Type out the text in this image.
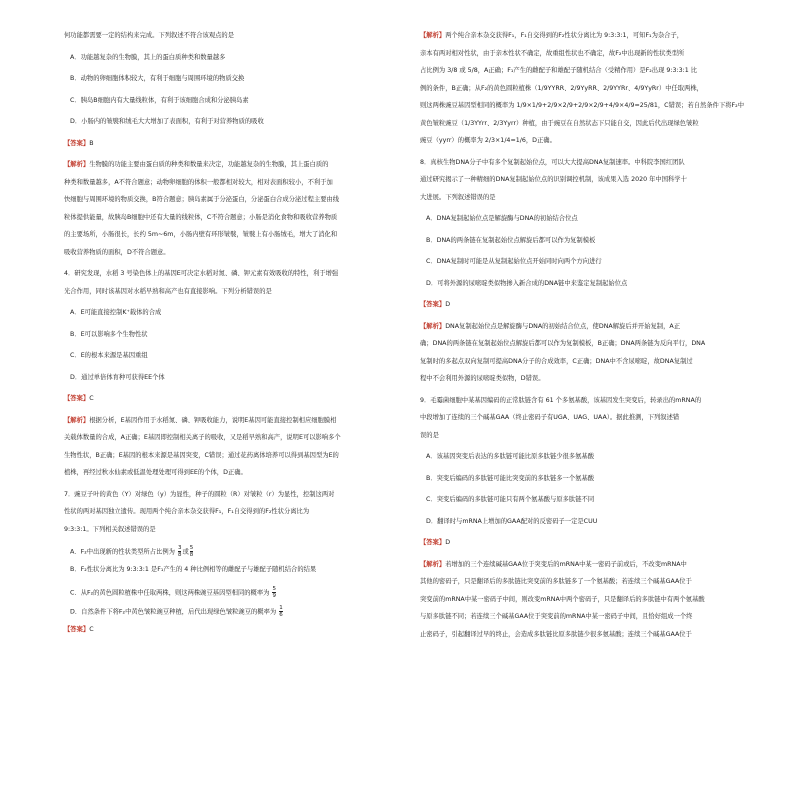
何功能都需要一定的结构来完成。下列叙述不符合该观点的是
A．功能越复杂的生物膜，其上的蛋白质种类和数量越多
B．动物的卵细胞体积较大，有利于细胞与周围环境的物质交换
C．胰岛B细胞内有大量线粒体，有利于该细胞合成和分泌胰岛素
D．小肠内的皱襞和绒毛大大增加了表面积，有利于对营养物质的吸收
【答案】B
【解析】生物膜的功能主要由蛋白质的种类和数量来决定，功能越复杂的生物膜，其上蛋白质的
种类和数量越多，A不符合题意；动物卵细胞的体积一般都相对较大，相对表面积较小，不利于加
快细胞与周围环境的物质交换，B符合题意；胰岛素属于分泌蛋白，分泌蛋白合成分泌过程主要由线
粒体提供能量，故胰岛B细胞中还有大量的线粒体，C不符合题意；小肠是消化食物和吸收营养物质
的主要场所，小肠很长，长约 5m~6m，小肠内壁有环形皱襞，皱襞上有小肠绒毛，增大了消化和
吸收营养物质的面积，D不符合题意。
4．研究发现，水稻 3 号染色体上的基因E可决定水稻对氮、磷、钾元素有效吸收的特性，利于增强
光合作用，同时该基因对水稻早熟和高产也有直接影响。下列分析错误的是
A．E可能直接控制K⁺载体的合成
B．E可以影响多个生物性状
C．E的根本来源是基因重组
D．通过单倍体育种可获得EE个体
【答案】C
【解析】根据分析，E基因作用于水稻氮、磷、钾吸收能力，说明E基因可能直接控制相应细胞膜相
关载体数量的合成，A正确；E基因即控制相关离子的吸收，又是稻早熟和高产，说明E可以影响多个
生物性状，B正确；E基因的根本来源是基因突变，C错误；通过花药离体培养可以得到基因型为E的
植株，再经过秋水仙素或低温处理处理可得到EE的个体，D正确。
7．豌豆子叶的黄色（Y）对绿色（y）为显性，种子的圆粒（R）对皱粒（r）为显性，控制这两对
性状的两对基因独立遗传。现用两个纯合亲本杂交获得F₁，F₁自交得到的F₂性状分离比为
9:3:3:1。下列相关叙述错误的是
A．F₂中出现新的性状类型所占比例为 $\frac{3}{8}$ 或 $\frac{5}{8}$
B．F₂性状分离比为 9:3:3:1 是F₁产生的 4 种比例相等的雌配子与雄配子随机结合的结果
C．从F₂的黄色圆粒植株中任取两株，则这两株豌豆基因型相同的概率为 $\frac{5}{9}$
D．自然条件下将F₂中黄色皱粒豌豆种植，后代出现绿色皱粒豌豆的概率为 $\frac{1}{6}$
【答案】C
【解析】两个纯合亲本杂交获得F₁，F₁自交得到的F₂性状分离比为 9:3:3:1，可知F₁为杂合子，
亲本有两对相对性状，由于亲本性状不确定，故重组性状也不确定，故F₂中出现新的性状类型所
占比例为 3/8 或 5/8，A正确；F₁产生的雌配子和雄配子随机结合（受精作用）是F₂出现 9:3:3:1 比
例的条件，B正确；从F₂的黄色圆粒植株（1/9YYRR、2/9YyRR、2/9YYRr、4/9YyRr）中任取两株，
则这两株豌豆基因型相同的概率为 1/9×1/9+2/9×2/9+2/9×2/9+4/9×4/9=25/81，C错误；若自然条件下将F₂中
黄色皱粒豌豆（1/3YYrr、2/3Yyrr）种植，由于豌豆在自然状态下只能自交，因此后代出现绿色皱粒
豌豆（yyrr）的概率为 2/3×1/4=1/6，D正确。
8．真核生物DNA分子中有多个复制起始位点，可以大大提高DNA复制速率。中科院李国红团队
通过研究揭示了一种精细的DNA复制起始位点的识别调控机制，该成果入选 2020 年中国科学十
大进展。下列叙述错误的是
A．DNA复制起始位点是解旋酶与DNA的初始结合位点
B．DNA的两条链在复制起始位点解旋后都可以作为复制模板
C．DNA复制时可能是从复制起始位点开始同时向两个方向进行
D．可将外源的尿嘧啶类似物掺入新合成的DNA链中来鉴定复制起始位点
【答案】D
【解析】DNA复制起始位点是解旋酶与DNA的初始结合位点，使DNA解旋后并开始复制，A正
确；DNA的两条链在复制起始位点解旋后都可以作为复制模板，B正确；DNA两条链为反向平行，DNA
复制时的多起点双向复制可提高DNA分子的合成效率，C正确；DNA中不含尿嘧啶，故DNA复制过
程中不会利用外源的尿嘧啶类似物，D错误。
9．毛霉菌细胞中某基因编码的正常肽链含有 61 个多氨基酸，该基因发生突变后，转录出的mRNA的
中段增加了连续的三个碱基GAA（终止密码子有UGA、UAG、UAA）。据此推测，下列叙述错
误的是
A．该基因突变后表达的多肽链可能比原多肽链少很多氨基酸
B．突变后编码的多肽链可能比突变前的多肽链多一个氨基酸
C．突变后编码的多肽链可能只有两个氨基酸与原多肽链不同
D．翻译时与mRNA上增加的GAA配对的反密码子一定是CUU
【答案】D
【解析】若增加的三个连续碱基GAA位于突变后的mRNA中某一密码子前或后，不改变mRNA中
其他的密码子，只是翻译后的多肽链比突变前的多肽链多了一个氨基酸；若连续三个碱基GAA位于
突变前的mRNA中某一密码子中间，则改变mRNA中两个密码子，只是翻译后的多肽链中有两个氨基酸
与原多肽链不同；若连续三个碱基GAA位于突变前的mRNA中某一密码子中间，且恰好组成一个终
止密码子，引起翻译过早的终止，会造成多肽链比原多肽链少很多氨基酸；连续三个碱基GAA位于
